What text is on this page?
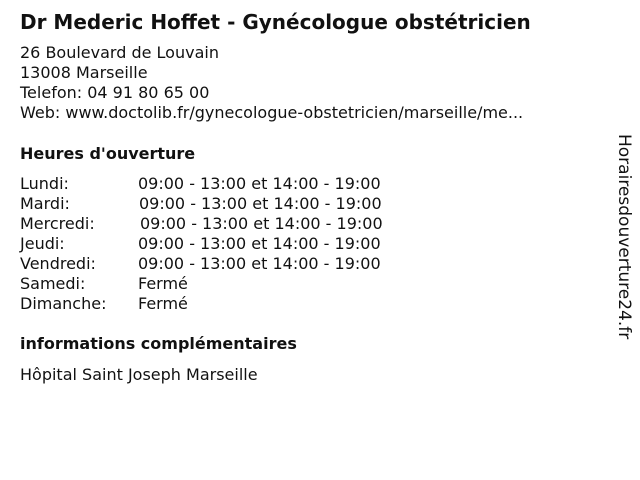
Dr Mederic Hoffet - Gynécologue obstétricien
26 Boulevard de Louvain
13008 Marseille
Telefon: 04 91 80 65 00
Web: www.doctolib.fr/gynecologue-obstetricien/marseille/me...
Heures d'ouverture
Lundi:	09:00 - 13:00 et 14:00 - 19:00
Mardi:	09:00 - 13:00 et 14:00 - 19:00
Mercredi:	09:00 - 13:00 et 14:00 - 19:00
Jeudi:	09:00 - 13:00 et 14:00 - 19:00
Vendredi:	09:00 - 13:00 et 14:00 - 19:00
Samedi:	Fermé
Dimanche: Fermé
informations complémentaires
Hôpital Saint Joseph Marseille
Horairesdouverture24.fr
